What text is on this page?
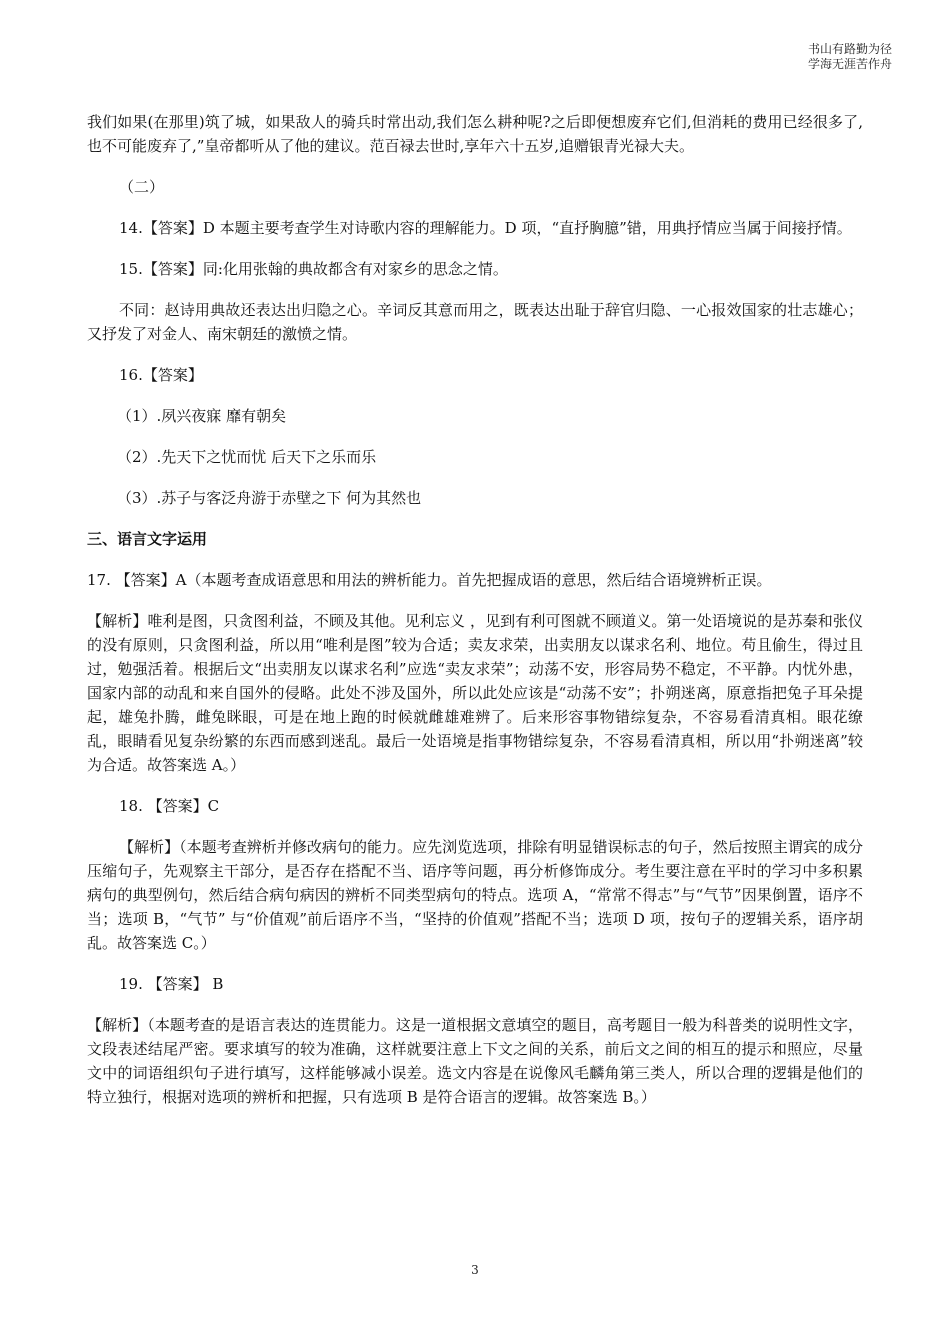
书山有路勤为径
学海无涯苦作舟

我们如果(在那里)筑了城，如果敌人的骑兵时常出动,我们怎么耕种呢?之后即便想废弃它们,但消耗的费用已经很多了,也不可能废弃了,”皇帝都听从了他的建议。范百禄去世时,享年六十五岁,追赠银青光禄大夫。

（二）

14.【答案】D 本题主要考查学生对诗歌内容的理解能力。D 项，“直抒胸臆”错，用典抒情应当属于间接抒情。

15.【答案】同:化用张翰的典故都含有对家乡的思念之情。

不同：赵诗用典故还表达出归隐之心。辛词反其意而用之，既表达出耻于辞官归隐、一心报效国家的壮志雄心；又抒发了对金人、南宋朝廷的激愤之情。

16.【答案】

（1）.夙兴夜寐 靡有朝矣

（2）.先天下之忧而忧 后天下之乐而乐

（3）.苏子与客泛舟游于赤壁之下 何为其然也

三、语言文字运用

17. 【答案】A（本题考查成语意思和用法的辨析能力。首先把握成语的意思，然后结合语境辨析正误。

【解析】唯利是图，只贪图利益，不顾及其他。见利忘义 ，见到有利可图就不顾道义。第一处语境说的是苏秦和张仪的没有原则，只贪图利益，所以用“唯利是图”较为合适；卖友求荣，出卖朋友以谋求名利、地位。苟且偷生，得过且过，勉强活着。根据后文“出卖朋友以谋求名利”应选“卖友求荣”；动荡不安，形容局势不稳定，不平静。内忧外患，国家内部的动乱和来自国外的侵略。此处不涉及国外，所以此处应该是“动荡不安”；扑朔迷离，原意指把兔子耳朵提起，雄兔扑腾，雌兔眯眼，可是在地上跑的时候就雌雄难辨了。后来形容事物错综复杂，不容易看清真相。眼花缭乱，眼睛看见复杂纷繁的东西而感到迷乱。最后一处语境是指事物错综复杂，不容易看清真相，所以用“扑朔迷离”较为合适。故答案选 A。）

18. 【答案】C

【解析】（本题考查辨析并修改病句的能力。应先浏览选项，排除有明显错误标志的句子，然后按照主谓宾的成分压缩句子，先观察主干部分，是否存在搭配不当、语序等问题，再分析修饰成分。考生要注意在平时的学习中多积累病句的典型例句，然后结合病句病因的辨析不同类型病句的特点。选项 A，“常常不得志”与“气节”因果倒置，语序不当；选项 B，“气节” 与“价值观”前后语序不当，“坚持的价值观”搭配不当；选项 D 项，按句子的逻辑关系，语序胡乱。故答案选 C。）

19. 【答案】 B

【解析】（本题考查的是语言表达的连贯能力。这是一道根据文意填空的题目，高考题目一般为科普类的说明性文字，文段表述结尾严密。要求填写的较为准确，这样就要注意上下文之间的关系，前后文之间的相互的提示和照应，尽量文中的词语组织句子进行填写，这样能够减小误差。选文内容是在说像风毛麟角第三类人，所以合理的逻辑是他们的特立独行，根据对选项的辨析和把握，只有选项 B 是符合语言的逻辑。故答案选 B。）

3
